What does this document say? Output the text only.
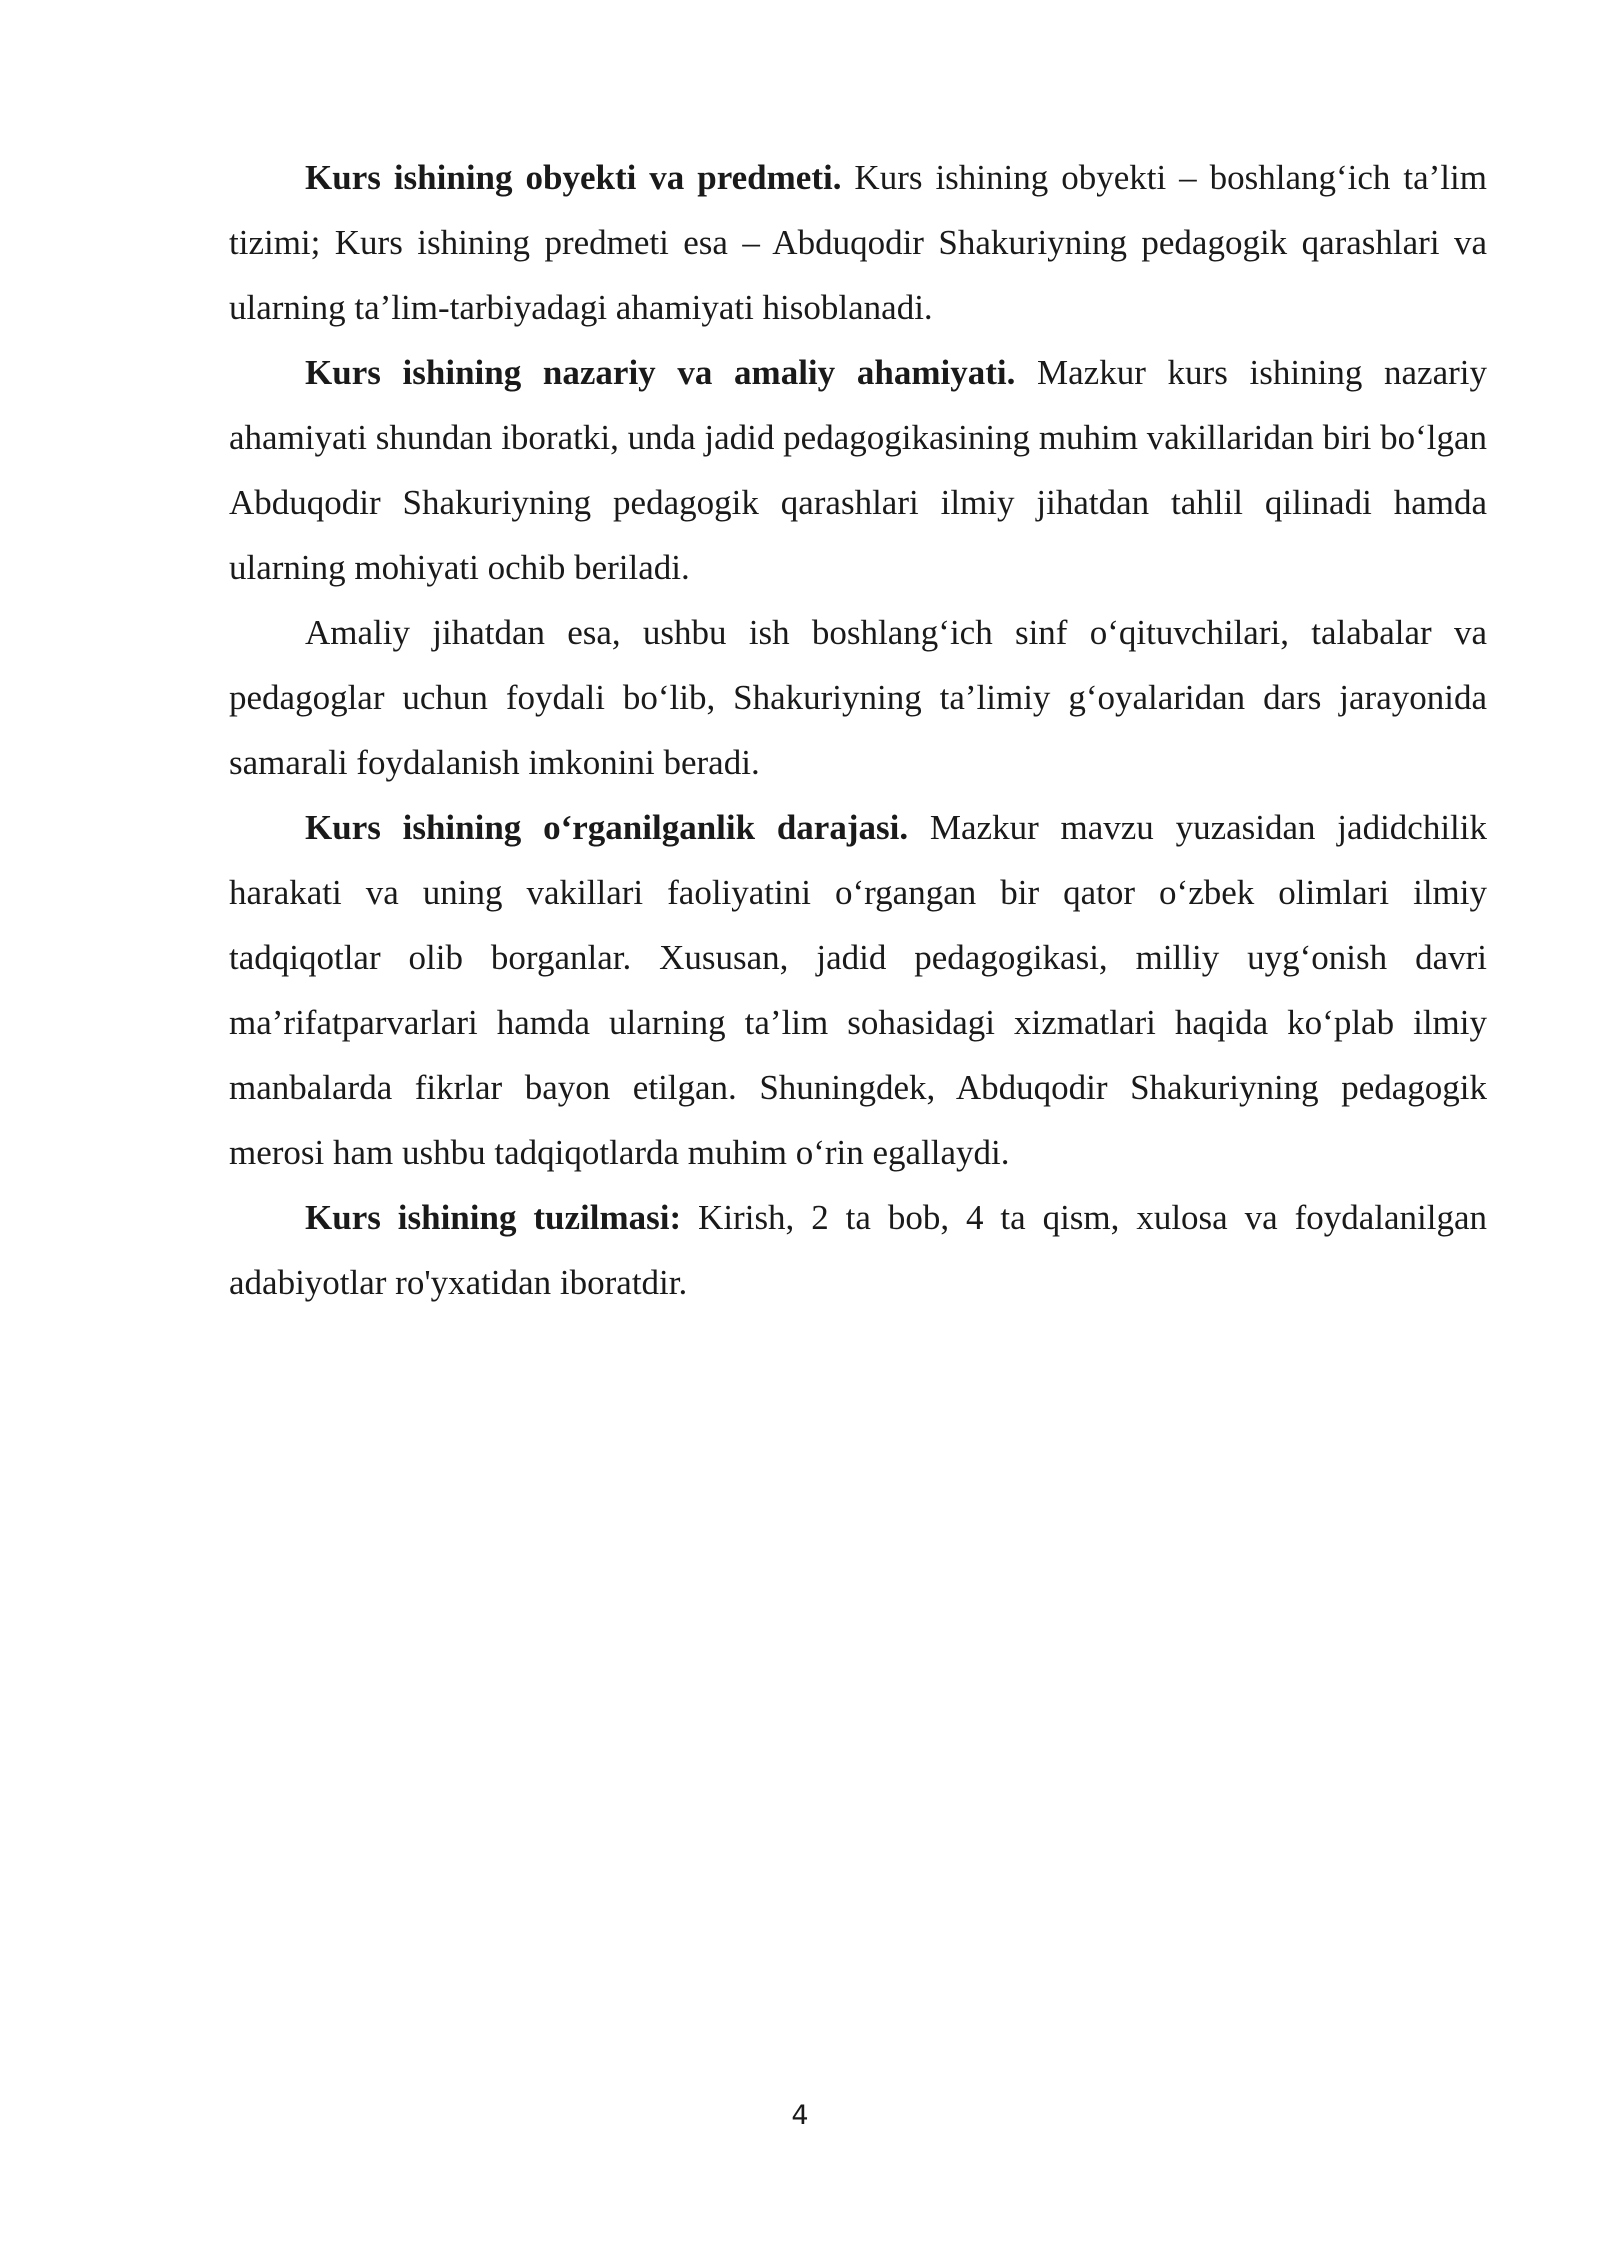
Kurs ishining obyekti va predmeti. Kurs ishining obyekti – boshlang‘ich ta’lim tizimi; Kurs ishining predmeti esa – Abduqodir Shakuriyning pedagogik qarashlari va ularning ta’lim-tarbiyadagi ahamiyati hisoblanadi.

Kurs ishining nazariy va amaliy ahamiyati. Mazkur kurs ishining nazariy ahamiyati shundan iboratki, unda jadid pedagogikasining muhim vakillaridan biri bo‘lgan Abduqodir Shakuriyning pedagogik qarashlari ilmiy jihatdan tahlil qilinadi hamda ularning mohiyati ochib beriladi.

Amaliy jihatdan esa, ushbu ish boshlang‘ich sinf o‘qituvchilari, talabalar va pedagoglar uchun foydali bo‘lib, Shakuriyning ta’limiy g‘oyalaridan dars jarayonida samarali foydalanish imkonini beradi.

Kurs ishining o‘rganilganlik darajasi. Mazkur mavzu yuzasidan jadidchilik harakati va uning vakillari faoliyatini o‘rgangan bir qator o‘zbek olimlari ilmiy tadqiqotlar olib borganlar. Xususan, jadid pedagogikasi, milliy uyg‘onish davri ma’rifatparvarlari hamda ularning ta’lim sohasidagi xizmatlari haqida ko‘plab ilmiy manbalarda fikrlar bayon etilgan. Shuningdek, Abduqodir Shakuriyning pedagogik merosi ham ushbu tadqiqotlarda muhim o‘rin egallaydi.

Kurs ishining tuzilmasi: Kirish, 2 ta bob, 4 ta qism, xulosa va foydalanilgan adabiyotlar ro'yxatidan iboratdir.

4
